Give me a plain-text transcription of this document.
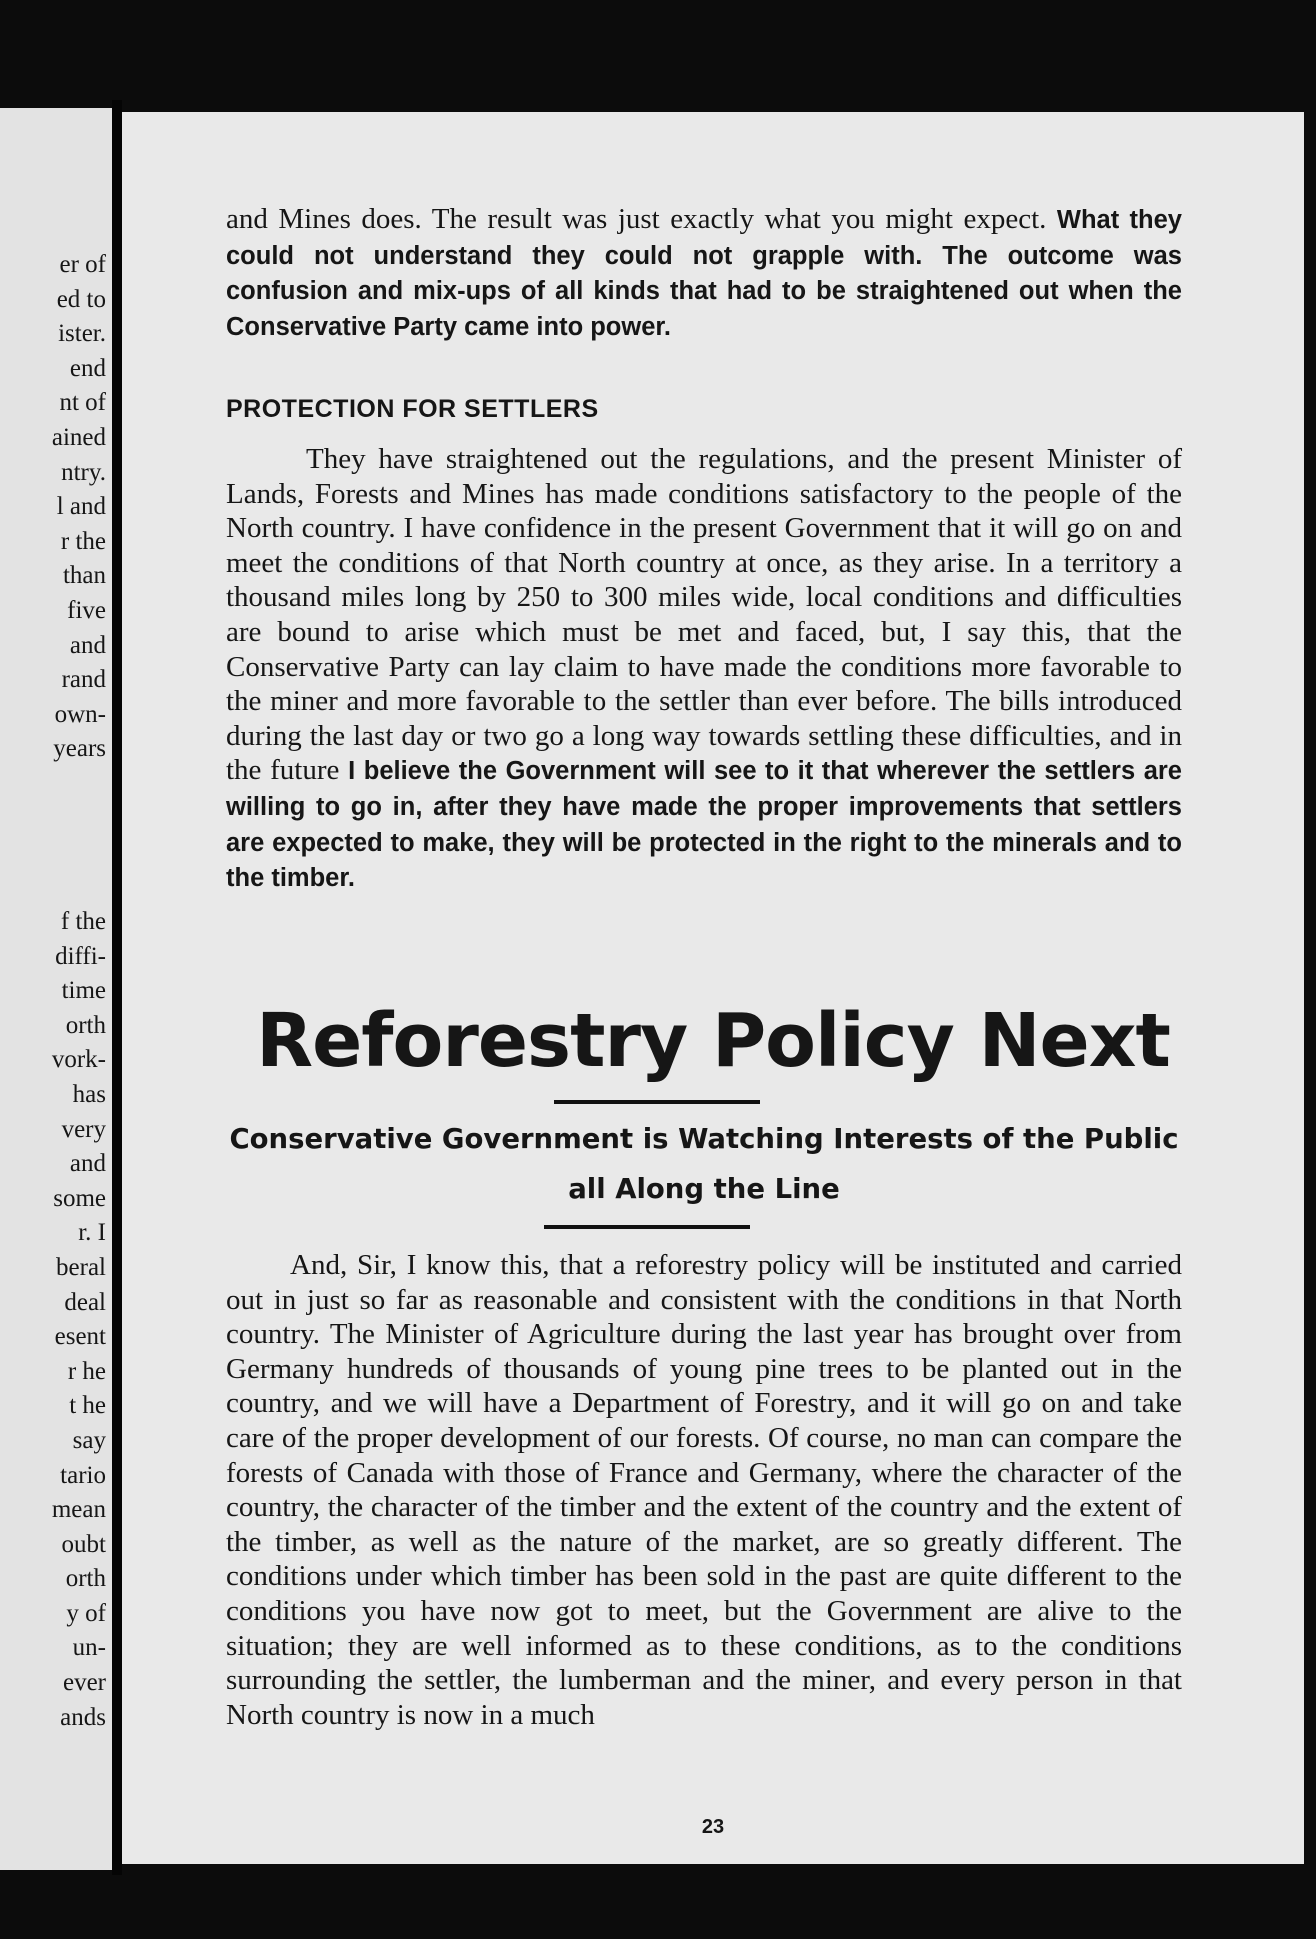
er of
ed to
ister.
end
nt of
ained
ntry.
l and
r the
than
five
and
rand
own-
years
f the
diffi-
time
orth
vork-
has
very
and
some
r. I
beral
deal
esent
r he
t he
say
tario
mean
oubt
orth
y of
un-
ever
ands
and Mines does. The result was just exactly what you might expect. What they could not understand they could not grapple with. The outcome was confusion and mix-ups of all kinds that had to be straightened out when the Conservative Party came into power.
PROTECTION FOR SETTLERS
They have straightened out the regulations, and the present Minister of Lands, Forests and Mines has made conditions satisfactory to the people of the North country. I have confidence in the present Government that it will go on and meet the conditions of that North country at once, as they arise. In a territory a thousand miles long by 250 to 300 miles wide, local conditions and difficulties are bound to arise which must be met and faced, but, I say this, that the Conservative Party can lay claim to have made the conditions more favorable to the miner and more favorable to the settler than ever before. The bills introduced during the last day or two go a long way towards settling these difficulties, and in the future I believe the Government will see to it that wherever the settlers are willing to go in, after they have made the proper improvements that settlers are expected to make, they will be protected in the right to the minerals and to the timber.
Reforestry Policy Next
Conservative Government is Watching Interests of the Public
all Along the Line
And, Sir, I know this, that a reforestry policy will be instituted and carried out in just so far as reasonable and consistent with the conditions in that North country. The Minister of Agriculture during the last year has brought over from Germany hundreds of thousands of young pine trees to be planted out in the country, and we will have a Department of Forestry, and it will go on and take care of the proper development of our forests. Of course, no man can compare the forests of Canada with those of France and Germany, where the character of the country, the character of the timber and the extent of the country and the extent of the timber, as well as the nature of the market, are so greatly different. The conditions under which timber has been sold in the past are quite different to the conditions you have now got to meet, but the Government are alive to the situation; they are well informed as to these conditions, as to the conditions surrounding the settler, the lumberman and the miner, and every person in that North country is now in a much
23
